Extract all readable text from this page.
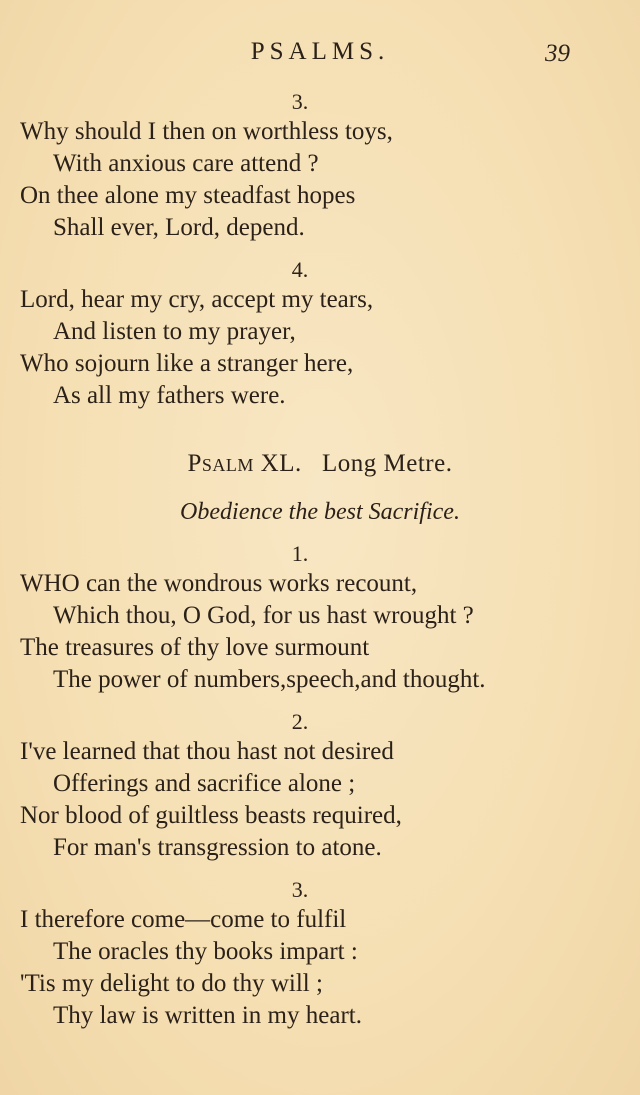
PSALMS.	39
3.
Why should I then on worthless toys,
With anxious care attend ?
On thee alone my steadfast hopes
Shall ever, Lord, depend.
4.
Lord, hear my cry, accept my tears,
And listen to my prayer,
Who sojourn like a stranger here,
As all my fathers were.
Psalm XL. Long Metre.
Obedience the best Sacrifice.
1.
WHO can the wondrous works recount,
Which thou, O God, for us hast wrought ?
The treasures of thy love surmount
The power of numbers,speech,and thought.
2.
I've learned that thou hast not desired
Offerings and sacrifice alone ;
Nor blood of guiltless beasts required,
For man's transgression to atone.
3.
I therefore come—come to fulfil
The oracles thy books impart :
'Tis my delight to do thy will ;
Thy law is written in my heart.
